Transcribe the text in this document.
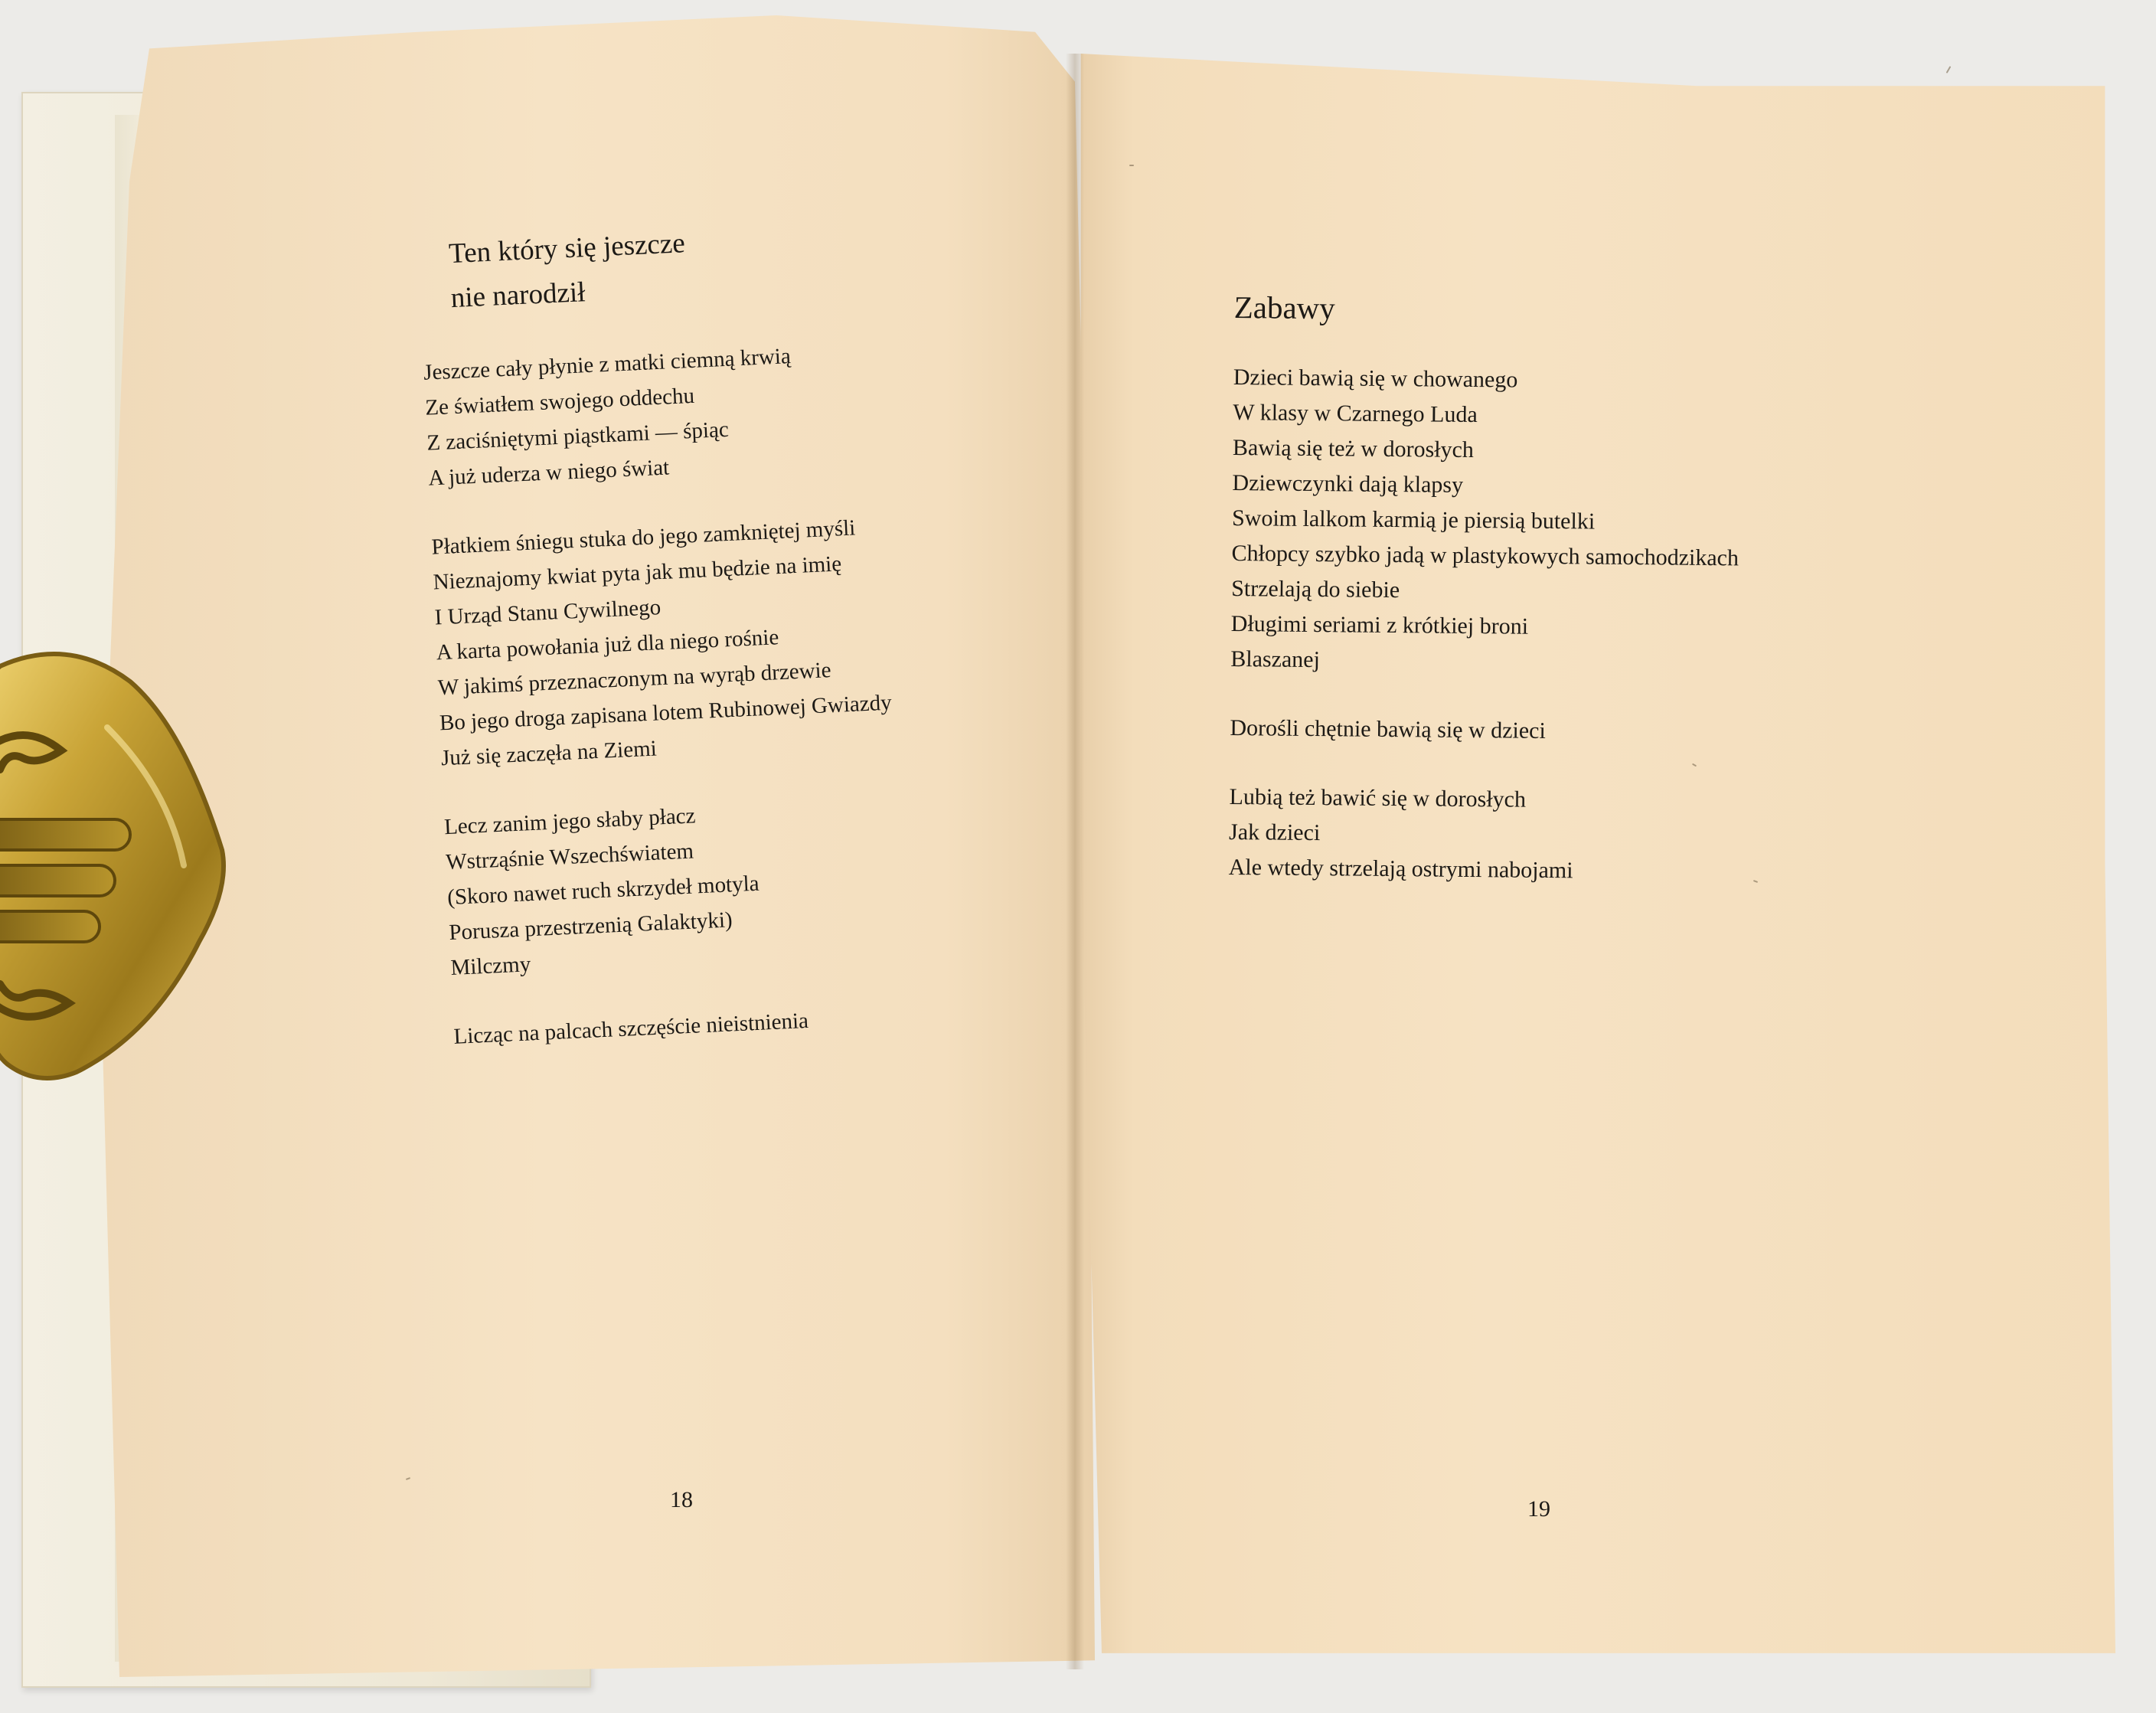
Ten który się jeszcze
nie narodził
Jeszcze cały płynie z matki ciemną krwią
Ze światłem swojego oddechu
Z zaciśniętymi piąstkami — śpiąc
A już uderza w niego świat
Płatkiem śniegu stuka do jego zamkniętej myśli
Nieznajomy kwiat pyta jak mu będzie na imię
I Urząd Stanu Cywilnego
A karta powołania już dla niego rośnie
W jakimś przeznaczonym na wyrąb drzewie
Bo jego droga zapisana lotem Rubinowej Gwiazdy
Już się zaczęła na Ziemi
Lecz zanim jego słaby płacz
Wstrząśnie Wszechświatem
(Skoro nawet ruch skrzydeł motyla
Porusza przestrzenią Galaktyki)
Milczmy
Licząc na palcach szczęście nieistnienia
18
Zabawy
Dzieci bawią się w chowanego
W klasy w Czarnego Luda
Bawią się też w dorosłych
Dziewczynki dają klapsy
Swoim lalkom karmią je piersią butelki
Chłopcy szybko jadą w plastykowych samochodzikach
Strzelają do siebie
Długimi seriami z krótkiej broni
Blaszanej
Dorośli chętnie bawią się w dzieci
Lubią też bawić się w dorosłych
Jak dzieci
Ale wtedy strzelają ostrymi nabojami
19
